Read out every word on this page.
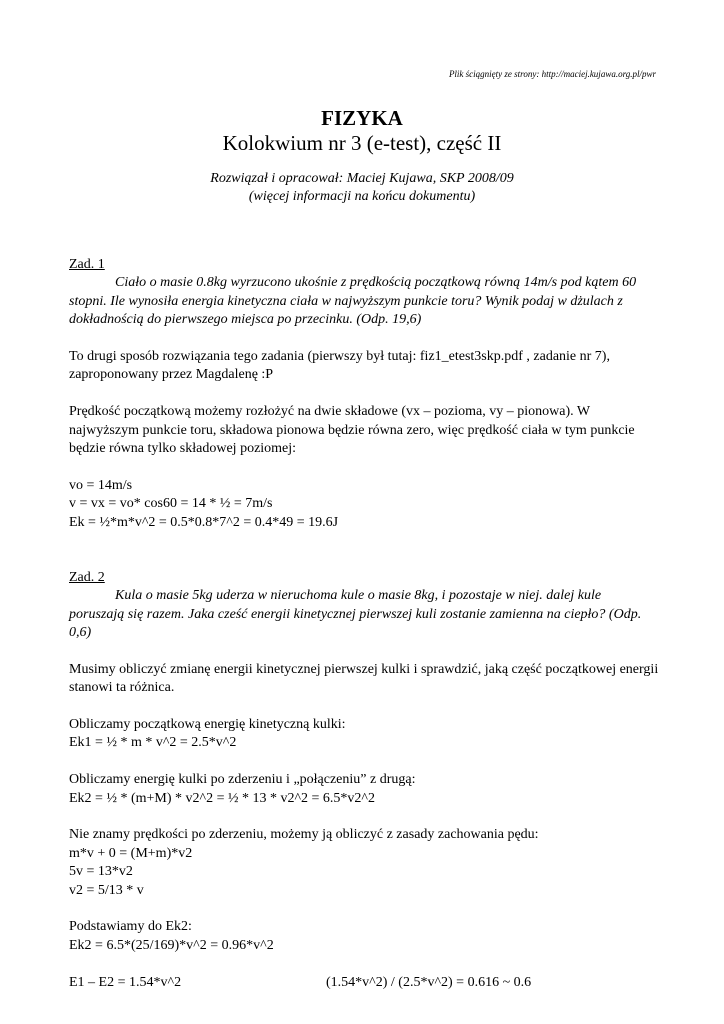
Plik ściągnięty ze strony: http://maciej.kujawa.org.pl/pwr
FIZYKA
Kolokwium nr 3 (e-test), część II
Rozwiązał i opracował: Maciej Kujawa, SKP 2008/09
(więcej informacji na końcu dokumentu)

Zad. 1

Ciało o masie 0.8kg wyrzucono ukośnie z prędkością początkową równą 14m/s pod kątem 60 stopni. Ile wynosiła energia kinetyczna ciała w najwyższym punkcie toru? Wynik podaj w dżulach z dokładnością do pierwszego miejsca po przecinku. (Odp. 19,6)

To drugi sposób rozwiązania tego zadania (pierwszy był tutaj: fiz1_etest3skp.pdf , zadanie nr 7), zaproponowany przez Magdalenę :P

Prędkość początkową możemy rozłożyć na dwie składowe (vx – pozioma, vy – pionowa). W najwyższym punkcie toru, składowa pionowa będzie równa zero, więc prędkość ciała w tym punkcie będzie równa tylko składowej poziomej:

vo = 14m/s

v = vx = vo* cos60 = 14 * ½ = 7m/s

Ek = ½*m*v^2 = 0.5*0.8*7^2 = 0.4*49 = 19.6J

Zad. 2

Kula o masie 5kg uderza w nieruchoma kule o masie 8kg, i pozostaje w niej. dalej kule poruszają się razem. Jaka cześć energii kinetycznej pierwszej kuli zostanie zamienna na ciepło? (Odp. 0,6)

Musimy obliczyć zmianę energii kinetycznej pierwszej kulki i sprawdzić, jaką część początkowej energii stanowi ta różnica.

Obliczamy początkową energię kinetyczną kulki:

Ek1 = ½ * m * v^2 = 2.5*v^2

Obliczamy energię kulki po zderzeniu i „połączeniu” z drugą:

Ek2 = ½ * (m+M) * v2^2 = ½ * 13 * v2^2 = 6.5*v2^2

Nie znamy prędkości po zderzeniu, możemy ją obliczyć z zasady zachowania pędu:

m*v + 0 = (M+m)*v2

5v = 13*v2

v2 = 5/13 * v

Podstawiamy do Ek2:

Ek2 = 6.5*(25/169)*v^2 = 0.96*v^2

E1 – E2 = 1.54*v^2	(1.54*v^2) / (2.5*v^2) = 0.616 ~ 0.6
